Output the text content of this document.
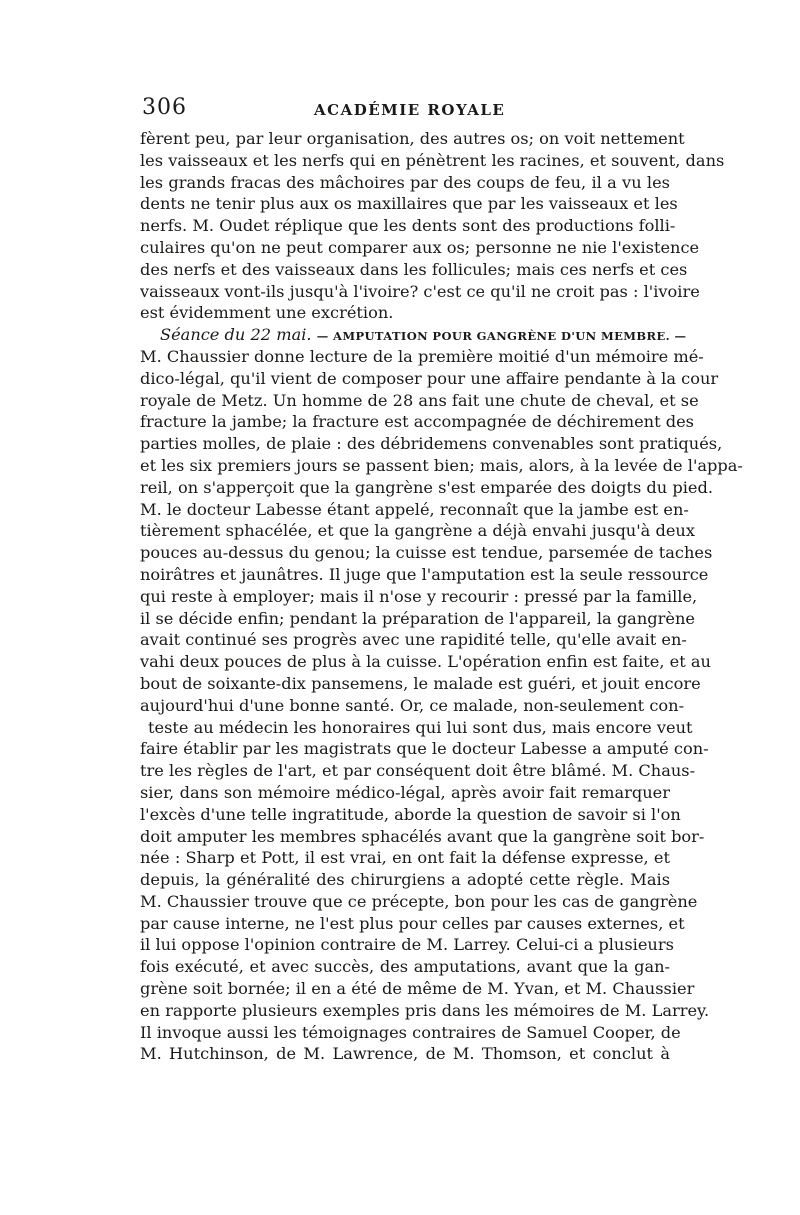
306	ACADÉMIE ROYALE
fèrent peu, par leur organisation, des autres os; on voit nettement
les vaisseaux et les nerfs qui en pénètrent les racines, et souvent, dans
les grands fracas des mâchoires par des coups de feu, il a vu les
dents ne tenir plus aux os maxillaires que par les vaisseaux et les
nerfs. M. Oudet réplique que les dents sont des productions folli-
culaires qu'on ne peut comparer aux os; personne ne nie l'existence
des nerfs et des vaisseaux dans les follicules; mais ces nerfs et ces
vaisseaux vont-ils jusqu'à l'ivoire? c'est ce qu'il ne croit pas : l'ivoire
est évidemment une excrétion.
Séance du 22 mai. — AMPUTATION POUR GANGRÈNE D'UN MEMBRE. —
M. Chaussier donne lecture de la première moitié d'un mémoire mé-
dico-légal, qu'il vient de composer pour une affaire pendante à la cour
royale de Metz. Un homme de 28 ans fait une chute de cheval, et se
fracture la jambe; la fracture est accompagnée de déchirement des
parties molles, de plaie : des débridemens convenables sont pratiqués,
et les six premiers jours se passent bien; mais, alors, à la levée de l'appa-
reil, on s'apperçoit que la gangrène s'est emparée des doigts du pied.
M. le docteur Labesse étant appelé, reconnaît que la jambe est en-
tièrement sphacélée, et que la gangrène a déjà envahi jusqu'à deux
pouces au-dessus du genou; la cuisse est tendue, parsemée de taches
noirâtres et jaunâtres. Il juge que l'amputation est la seule ressource
qui reste à employer; mais il n'ose y recourir : pressé par la famille,
il se décide enfin; pendant la préparation de l'appareil, la gangrène
avait continué ses progrès avec une rapidité telle, qu'elle avait en-
vahi deux pouces de plus à la cuisse. L'opération enfin est faite, et au
bout de soixante-dix pansemens, le malade est guéri, et jouit encore
aujourd'hui d'une bonne santé. Or, ce malade, non-seulement con-
teste au médecin les honoraires qui lui sont dus, mais encore veut
faire établir par les magistrats que le docteur Labesse a amputé con-
tre les règles de l'art, et par conséquent doit être blâmé. M. Chaus-
sier, dans son mémoire médico-légal, après avoir fait remarquer
l'excès d'une telle ingratitude, aborde la question de savoir si l'on
doit amputer les membres sphacélés avant que la gangrène soit bor-
née : Sharp et Pott, il est vrai, en ont fait la défense expresse, et
depuis, la généralité des chirurgiens a adopté cette règle. Mais
M. Chaussier trouve que ce précepte, bon pour les cas de gangrène
par cause interne, ne l'est plus pour celles par causes externes, et
il lui oppose l'opinion contraire de M. Larrey. Celui-ci a plusieurs
fois exécuté, et avec succès, des amputations, avant que la gan-
grène soit bornée; il en a été de même de M. Yvan, et M. Chaussier
en rapporte plusieurs exemples pris dans les mémoires de M. Larrey.
Il invoque aussi les témoignages contraires de Samuel Cooper, de
M. Hutchinson, de M. Lawrence, de M. Thomson, et conclut à
